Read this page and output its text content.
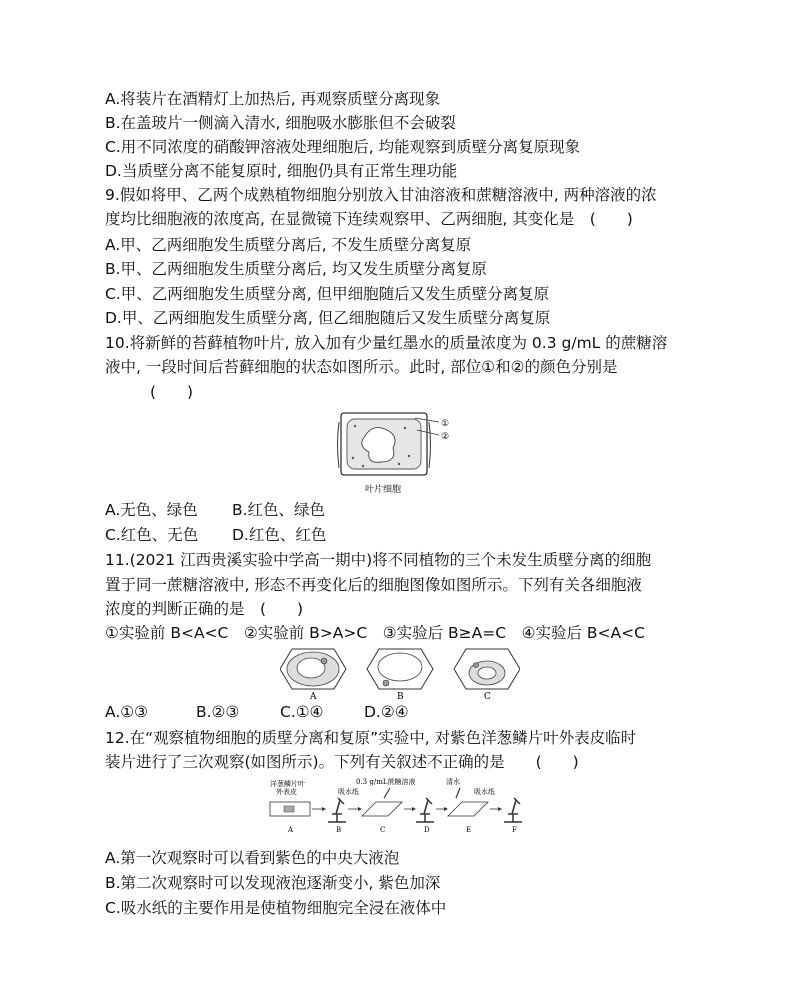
A.将装片在酒精灯上加热后, 再观察质壁分离现象
B.在盖玻片一侧滴入清水, 细胞吸水膨胀但不会破裂
C.用不同浓度的硝酸钾溶液处理细胞后, 均能观察到质壁分离复原现象
D.当质壁分离不能复原时, 细胞仍具有正常生理功能
9.假如将甲、乙两个成熟植物细胞分别放入甘油溶液和蔗糖溶液中, 两种溶液的浓
度均比细胞液的浓度高, 在显微镜下连续观察甲、乙两细胞, 其变化是　(　　)
A.甲、乙两细胞发生质壁分离后, 不发生质壁分离复原
B.甲、乙两细胞发生质壁分离后, 均又发生质壁分离复原
C.甲、乙两细胞发生质壁分离, 但甲细胞随后又发生质壁分离复原
D.甲、乙两细胞发生质壁分离, 但乙细胞随后又发生质壁分离复原
10.将新鲜的苔藓植物叶片, 放入加有少量红墨水的质量浓度为 0.3 g/mL 的蔗糖溶
液中, 一段时间后苔藓细胞的状态如图所示。此时, 部位①和②的颜色分别是
(　　)
①
②
叶片细胞
A.无色、绿色 B.红色、绿色
C.红色、无色 D.红色、红色
11.(2021 江西贵溪实验中学高一期中)将不同植物的三个未发生质壁分离的细胞
置于同一蔗糖溶液中, 形态不再变化后的细胞图像如图所示。下列有关各细胞液
浓度的判断正确的是　(　　)
①实验前 B<A<C　②实验前 B>A>C　③实验后 B≥A=C　④实验后 B<A<C
A	B	C
A.①③	B.②③	C.①④	D.②④
12.在“观察植物细胞的质壁分离和复原”实验中, 对紫色洋葱鳞片叶外表皮临时
装片进行了三次观察(如图所示)。下列有关叙述不正确的是　　(　　)
洋葱鳞片叶
外表皮
0.3 g/mL蔗糖溶液
吸水纸
清水
吸水纸
A	B	C	D	E	F
A.第一次观察时可以看到紫色的中央大液泡
B.第二次观察时可以发现液泡逐渐变小, 紫色加深
C.吸水纸的主要作用是使植物细胞完全浸在液体中
